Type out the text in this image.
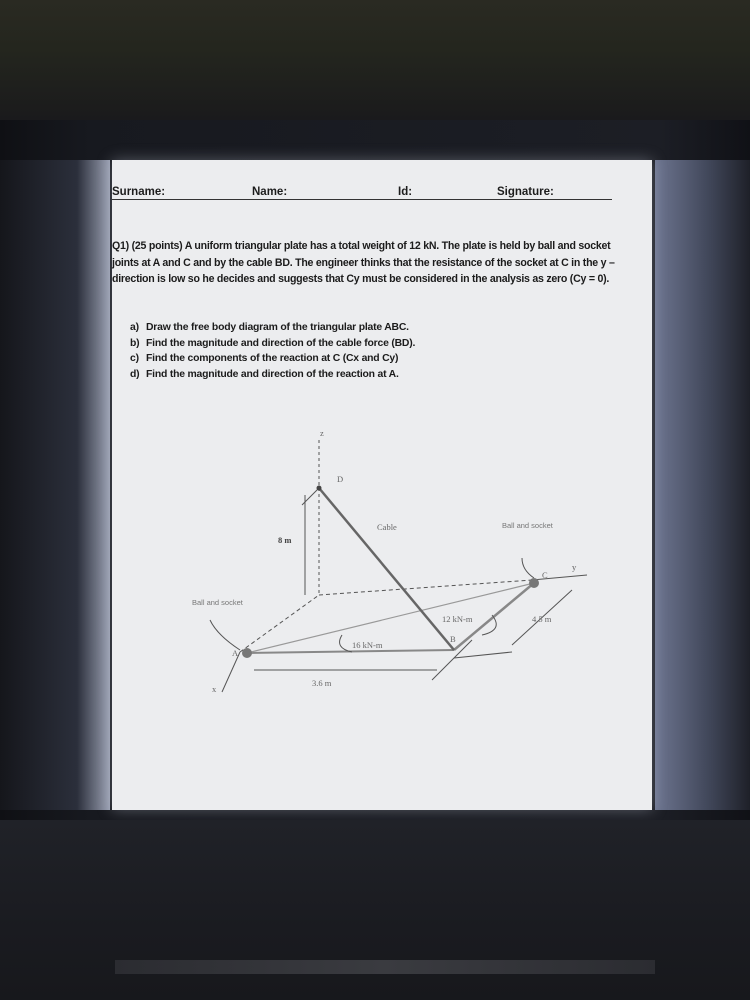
Surname:	Name:	Id:	Signature:
Q1) (25 points) A uniform triangular plate has a total weight of 12 kN. The plate is held by ball and socket joints at A and C and by the cable BD. The engineer thinks that the resistance of the socket at C in the y – direction is low so he decides and suggests that Cy must be considered in the analysis as zero (Cy = 0).
a) Draw the free body diagram of the triangular plate ABC.
b) Find the magnitude and direction of the cable force (BD).
c) Find the components of the reaction at C (Cx and Cy)
d) Find the magnitude and direction of the reaction at A.
z
x
y
D
A
B
C
Cable
8 m
16 kN-m
12 kN-m
3.6 m
4.5 m
Ball and socket
Ball and socket
